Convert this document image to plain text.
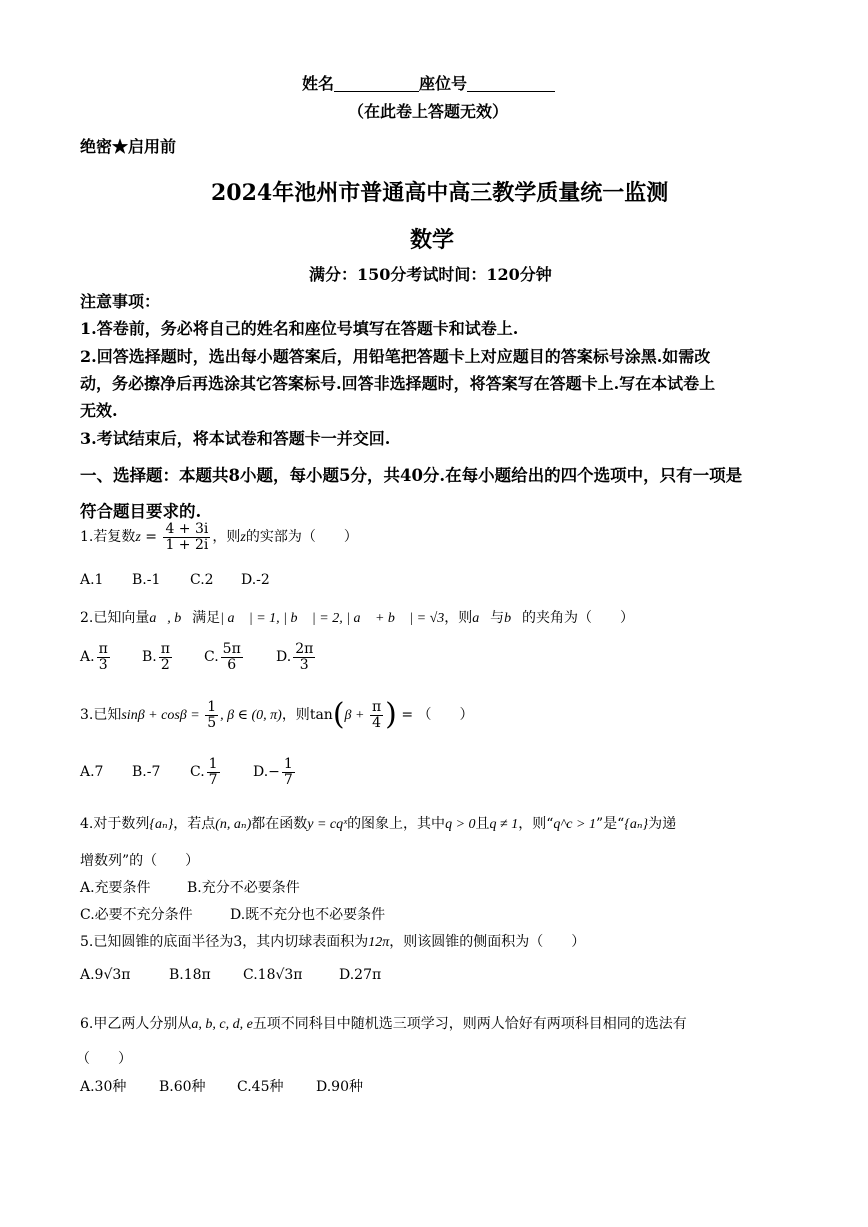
姓名	座位号
（在此卷上答题无效）
绝密★启用前
2024年池州市普通高中高三教学质量统一监测
数学
满分：150分考试时间：120分钟
注意事项：
1.答卷前，务必将自己的姓名和座位号填写在答题卡和试卷上.
2.回答选择题时，选出每小题答案后，用铅笔把答题卡上对应题目的答案标号涂黑.如需改
动，务必擦净后再选涂其它答案标号.回答非选择题时，将答案写在答题卡上.写在本试卷上
无效.
3.考试结束后，将本试卷和答题卡一并交回.
一、选择题：本题共8小题，每小题5分，共40分.在每小题给出的四个选项中，只有一项是
符合题目要求的.
1.若复数$z = \frac{4 + 3i}{1 + 2i}$ ，则z的实部为（　　）
A.1 B.-1 C.2 D.-2
2.已知向量a⃗, b⃗满足| a⃗ | = 1, | b⃗ | = 2, | a⃗ + b⃗ | = √3，则a⃗与b⃗的夹角为（　　）
A. $\frac{\pi}{3} B$. $\frac{\pi}{2} C$. $\frac{5\pi}{6} D$. $\frac{2\pi}{3}$
3.已知$\sin\beta + \cos\beta = \frac{1}{5}$ , β ∈ (0, π)，则$\tan(\beta + \frac{\pi}{4}$ ) = （　　）
A.7 B.-7 C. $\frac{1}{7} D.- \frac{1}{7}$
4.对于数列{aₙ}，若点(n, aₙ)都在函数y = cqˣ的图象上，其中q > 0且q ≠ 1，则“q^c > 1”是“{aₙ}为递
增数列”的（　　）
A.充要条件	B.充分不必要条件
C.必要不充分条件	D.既不充分也不必要条件
5.已知圆锥的底面半径为3，其内切球表面积为12π，则该圆锥的侧面积为（　　）
A.9√3π	B.18π C.18√3π	D.27π
6.甲乙两人分别从a, b, c, d, e五项不同科目中随机选三项学习，则两人恰好有两项科目相同的选法有
（　　）
A.30种 B.60种 C.45种 D.90种
